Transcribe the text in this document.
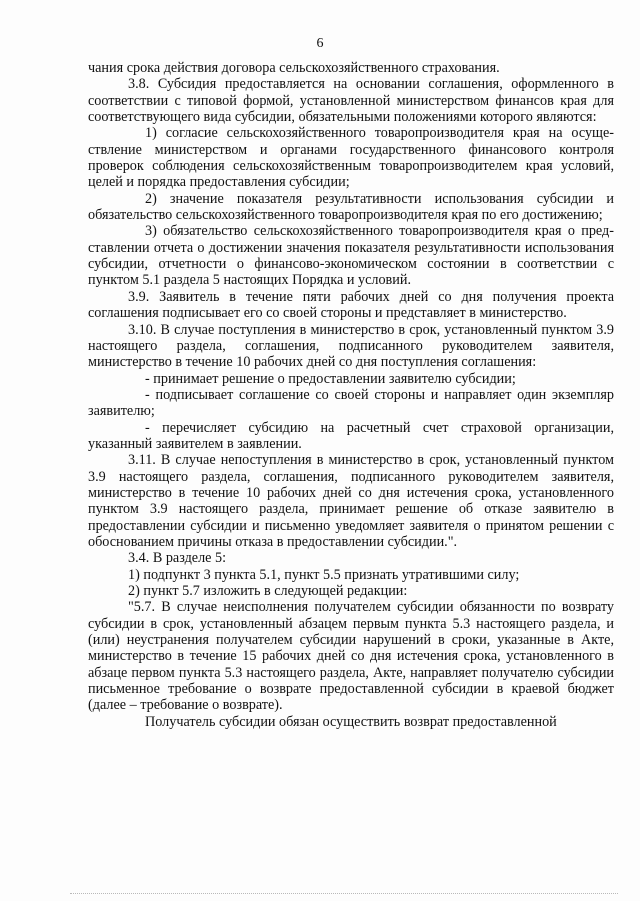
6

чания срока действия договора сельскохозяйственного страхования.

3.8. Субсидия предоставляется на основании соглашения, оформленного в соответствии с типовой формой, установленной министерством финансов края для соответствующего вида субсидии, обязательными положениями которого являются:

1) согласие сельскохозяйственного товаропроизводителя края на осуществление министерством и органами государственного финансового контроля проверок соблюдения сельскохозяйственным товаропроизводителем края условий, целей и порядка предоставления субсидии;

2) значение показателя результативности использования субсидии и обязательство сельскохозяйственного товаропроизводителя края по его достижению;

3) обязательство сельскохозяйственного товаропроизводителя края о представлении отчета о достижении значения показателя результативности использования субсидии, отчетности о финансово-экономическом состоянии в соответствии с пунктом 5.1 раздела 5 настоящих Порядка и условий.

3.9. Заявитель в течение пяти рабочих дней со дня получения проекта соглашения подписывает его со своей стороны и представляет в министерство.

3.10. В случае поступления в министерство в срок, установленный пунктом 3.9 настоящего раздела, соглашения, подписанного руководителем заявителя, министерство в течение 10 рабочих дней со дня поступления соглашения:

- принимает решение о предоставлении заявителю субсидии;

- подписывает соглашение со своей стороны и направляет один экземпляр заявителю;

- перечисляет субсидию на расчетный счет страховой организации, указанный заявителем в заявлении.

3.11. В случае непоступления в министерство в срок, установленный пунктом 3.9 настоящего раздела, соглашения, подписанного руководителем заявителя, министерство в течение 10 рабочих дней со дня истечения срока, установленного пунктом 3.9 настоящего раздела, принимает решение об отказе заявителю в предоставлении субсидии и письменно уведомляет заявителя о принятом решении с обоснованием причины отказа в предоставлении субсидии.".

3.4. В разделе 5:

1) подпункт 3 пункта 5.1, пункт 5.5 признать утратившими силу;

2) пункт 5.7 изложить в следующей редакции:

"5.7. В случае неисполнения получателем субсидии обязанности по возврату субсидии в срок, установленный абзацем первым пункта 5.3 настоящего раздела, и (или) неустранения получателем субсидии нарушений в сроки, указанные в Акте, министерство в течение 15 рабочих дней со дня истечения срока, установленного в абзаце первом пункта 5.3 настоящего раздела, Акте, направляет получателю субсидии письменное требование о возврате предоставленной субсидии в краевой бюджет (далее – требование о возврате).

Получатель субсидии обязан осуществить возврат предоставленной
